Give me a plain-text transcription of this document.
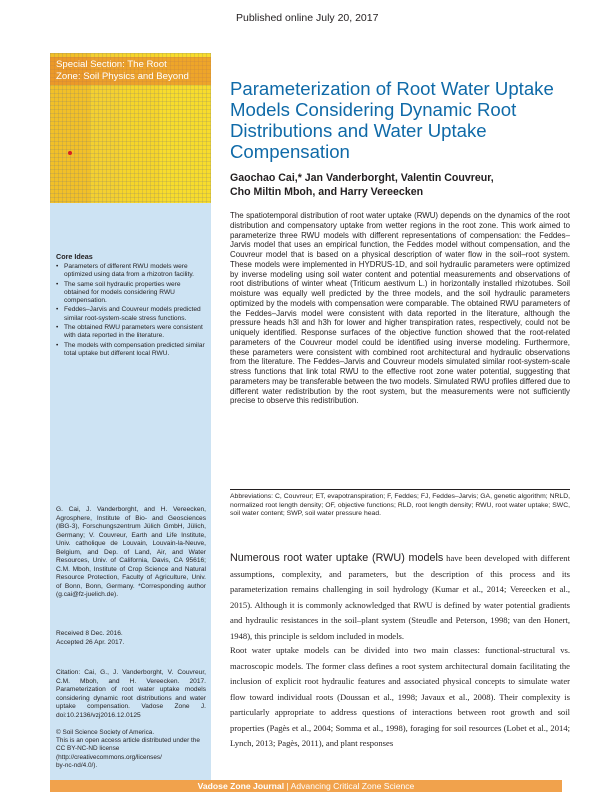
Published online July 20, 2017
Special Section: The Root
Zone: Soil Physics and Beyond
Core Ideas
• Parameters of different RWU models were optimized using data from a rhizotron facility.
• The same soil hydraulic properties were obtained for models considering RWU compensation.
• Feddes–Jarvis and Couvreur models predicted similar root-system-scale stress functions.
• The obtained RWU parameters were consistent with data reported in the literature.
• The models with compensation predicted similar total uptake but different local RWU.
G. Cai, J. Vanderborght, and H. Vereecken, Agrosphere, Institute of Bio- and Geosciences (IBG-3), Forschungszentrum Jülich GmbH, Jülich, Germany; V. Couvreur, Earth and Life Institute, Univ. catholique de Louvain, Louvain-la-Neuve, Belgium, and Dep. of Land, Air, and Water Resources, Univ. of California, Davis, CA 95616; C.M. Mboh, Institute of Crop Science and Natural Resource Protection, Faculty of Agriculture, Univ. of Bonn, Bonn, Germany. *Corresponding author (g.cai@fz-juelich.de).
Received 8 Dec. 2016.
Accepted 26 Apr. 2017.
Citation: Cai, G., J. Vanderborght, V. Couvreur, C.M. Mboh, and H. Vereecken. 2017. Parameterization of root water uptake models considering dynamic root distributions and water uptake compensation. Vadose Zone J. doi:10.2136/vzj2016.12.0125
© Soil Science Society of America.
This is an open access article distributed under the CC BY-NC-ND license
(http://creativecommons.org/licenses/
by-nc-nd/4.0/).
Parameterization of Root Water Uptake Models Considering Dynamic Root Distributions and Water Uptake Compensation
Gaochao Cai,* Jan Vanderborght, Valentin Couvreur,
Cho Miltin Mboh, and Harry Vereecken
The spatiotemporal distribution of root water uptake (RWU) depends on the dynamics of the root distribution and compensatory uptake from wetter regions in the root zone. This work aimed to parameterize three RWU models with different representations of compensation: the Feddes–Jarvis model that uses an empirical function, the Feddes model without compensation, and the Couvreur model that is based on a physical description of water flow in the soil–root system. These models were implemented in HYDRUS-1D, and soil hydraulic parameters were optimized by inverse modeling using soil water content and potential measurements and observations of root distributions of winter wheat (Triticum aestivum L.) in horizontally installed rhizotubes. Soil moisture was equally well predicted by the three models, and the soil hydraulic parameters optimized by the models with compensation were comparable. The obtained RWU parameters of the Feddes–Jarvis model were consistent with data reported in the literature, although the pressure heads h3l and h3h for lower and higher transpiration rates, respectively, could not be uniquely identified. Response surfaces of the objective function showed that the root-related parameters of the Couvreur model could be identified using inverse modeling. Furthermore, these parameters were consistent with combined root architectural and hydraulic observations from the literature. The Feddes–Jarvis and Couvreur models simulated similar root-system-scale stress functions that link total RWU to the effective root zone water potential, suggesting that parameters may be transferable between the two models. Simulated RWU profiles differed due to different water redistribution by the root system, but the measurements were not sufficiently precise to observe this redistribution.
Abbreviations: C, Couvreur; ET, evapotranspiration; F, Feddes; FJ, Feddes–Jarvis; GA, genetic algorithm; NRLD, normalized root length density; OF, objective functions; RLD, root length density; RWU, root water uptake; SWC, soil water content; SWP, soil water pressure head.
Numerous root water uptake (RWU) models have been developed with different assumptions, complexity, and parameters, but the description of this process and its parameterization remains challenging in soil hydrology (Kumar et al., 2014; Vereecken et al., 2015). Although it is commonly acknowledged that RWU is defined by water potential gradients and hydraulic resistances in the soil–plant system (Steudle and Peterson, 1998; van den Honert, 1948), this principle is seldom included in models.
Root water uptake models can be divided into two main classes: functional-structural vs. macroscopic models. The former class defines a root system architectural domain facilitating the inclusion of explicit root hydraulic features and associated physical concepts to simulate water flow toward individual roots (Doussan et al., 1998; Javaux et al., 2008). Their complexity is particularly appropriate to address questions of interactions between root growth and soil properties (Pagès et al., 2004; Somma et al., 1998), foraging for soil resources (Lobet et al., 2014; Lynch, 2013; Pagès, 2011), and plant responses
Vadose Zone Journal | Advancing Critical Zone Science
